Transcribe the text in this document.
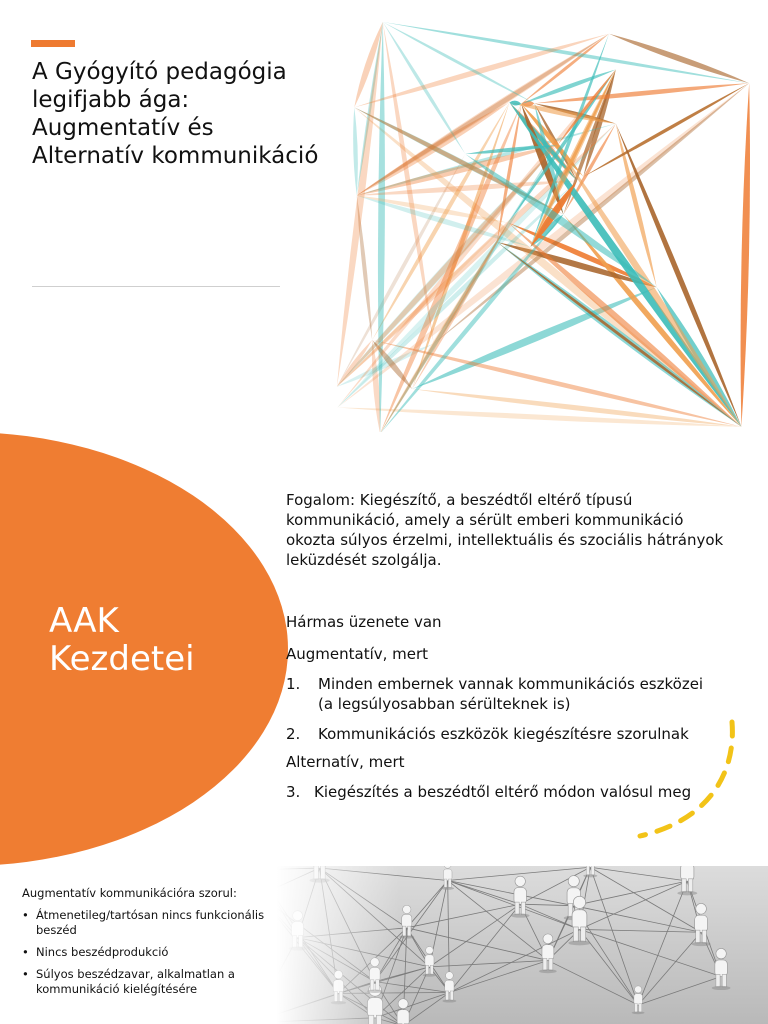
A Gyógyító pedagógia
legifjabb ága:
Augmentatív és
Alternatív kommunikáció
AAK
Kezdetei

Fogalom: Kiegészítő, a beszédtől eltérő típusú kommunikáció, amely a sérült emberi kommunikáció okozta súlyos érzelmi, intellektuális és szociális hátrányok leküzdését szolgálja.

Hármas üzenete van

Augmentatív, mert

1. Minden embernek vannak kommunikációs eszközei (a legsúlyosabban sérülteknek is)
2. Kommunikációs eszközök kiegészítésre szorulnak

Alternatív, mert

3. Kiegészítés a beszédtől eltérő módon valósul meg

Augmentatív kommunikációra szorul:

• Átmenetileg/tartósan nincs funkcionális beszéd
• Nincs beszédprodukció
• Súlyos beszédzavar, alkalmatlan a kommunikáció kielégítésére
